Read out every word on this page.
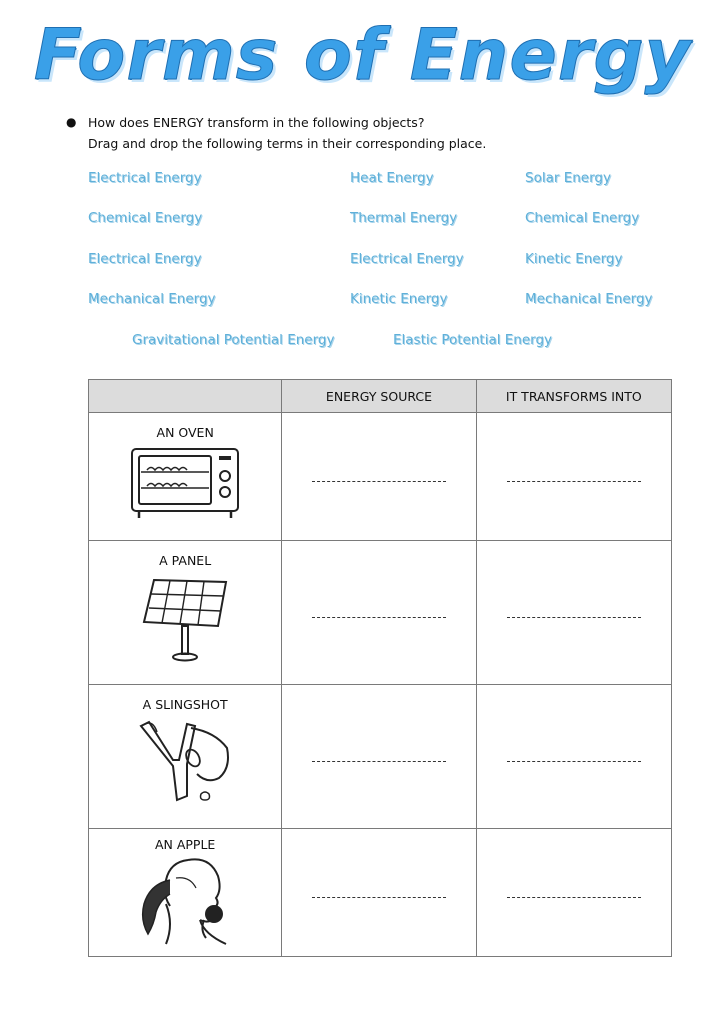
Forms of Energy
● How does ENERGY transform in the following objects?
Drag and drop the following terms in their corresponding place.
Electrical Energy	Heat Energy	Solar Energy
Chemical Energy	Thermal Energy	Chemical Energy
Electrical Energy	Electrical Energy	Kinetic Energy
Mechanical Energy	Kinetic Energy	Mechanical Energy
Gravitational Potential Energy	Elastic Potential Energy
	ENERGY SOURCE	IT TRANSFORMS INTO

AN OVEN		

A PANEL		

A SLINGSHOT		

AN APPLE		
